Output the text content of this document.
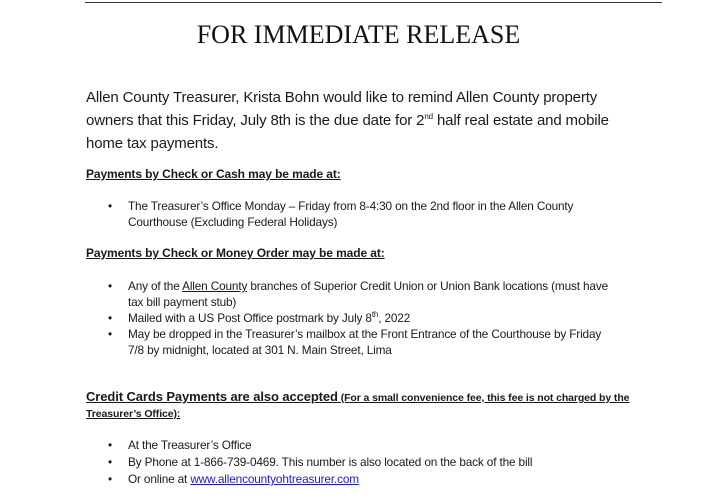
FOR IMMEDIATE RELEASE
Allen County Treasurer, Krista Bohn would like to remind Allen County property
owners that this Friday, July 8th is the due date for 2nd half real estate and mobile
home tax payments.
Payments by Check or Cash may be made at:
• The Treasurer’s Office Monday – Friday from 8-4:30 on the 2nd floor in the Allen County
Courthouse (Excluding Federal Holidays)
Payments by Check or Money Order may be made at:
• Any of the Allen County branches of Superior Credit Union or Union Bank locations (must have
tax bill payment stub)
• Mailed with a US Post Office postmark by July 8th, 2022
• May be dropped in the Treasurer’s mailbox at the Front Entrance of the Courthouse by Friday
7/8 by midnight, located at 301 N. Main Street, Lima
Credit Cards Payments are also accepted (For a small convenience fee, this fee is not charged by the
Treasurer’s Office):
• At the Treasurer’s Office
• By Phone at 1-866-739-0469. This number is also located on the back of the bill
• Or online at www.allencountyohtreasurer.com
